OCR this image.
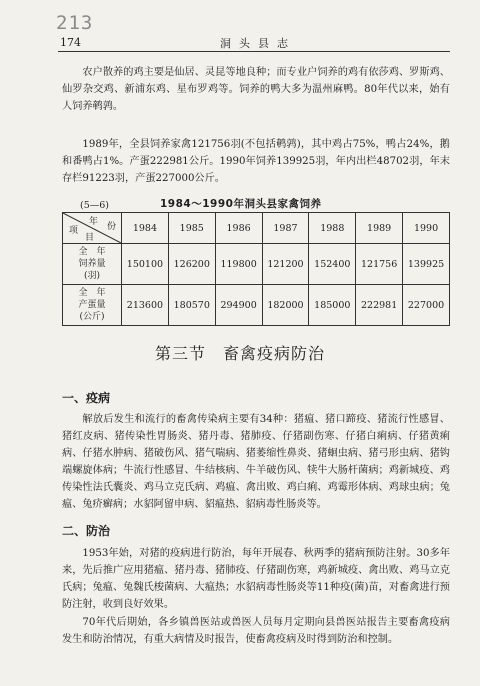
213
174	洞头县志

农户散养的鸡主要是仙居、灵昆等地良种；而专业户饲养的鸡有依莎鸡、罗斯鸡、仙罗杂交鸡、新浦东鸡、星布罗鸡等。饲养的鸭大多为温州麻鸭。80年代以来，始有人饲养鹌鹑。

1989年，全县饲养家禽121756羽(不包括鹌鹑)，其中鸡占75%，鸭占24%，鹅和番鸭占1%。产蛋222981公斤。1990年饲养139925羽，年内出栏48702羽，年末存栏91223羽，产蛋227000公斤。

(5—6)	1984～1990年洞头县家禽饲养
年 份
项
目	1984	1985	1986	1987	1988	1989	1990

全　年
饲养量
(羽)	150100	126200	119800	121200	152400	121756	139925

全　年
产蛋量
(公斤)	213600	180570	294900	182000	185000	222981	227000
第三节　畜禽疫病防治
一、疫病

解放后发生和流行的畜禽传染病主要有34种：猪瘟、猪口蹄疫、猪流行性感冒、猪红皮病、猪传染性胃肠炎、猪丹毒、猪肺疫、仔猪副伤寒、仔猪白痢病、仔猪黄痢病、仔猪水肿病、猪破伤风、猪气喘病、猪萎缩性鼻炎、猪蛔虫病、猪弓形虫病、猪钩端螺旋体病；牛流行性感冒、牛结核病、牛羊破伤风、犊牛大肠杆菌病；鸡新城疫、鸡传染性法氏囊炎、鸡马立克氏病、鸡瘟、禽出败、鸡白痢、鸡霉形体病、鸡球虫病；兔瘟、兔疥癣病；水貂阿留申病、貂瘟热、貂病毒性肠炎等。

二、防治

1953年始，对猪的疫病进行防治，每年开展春、秋两季的猪病预防注射。30多年来，先后推广应用猪瘟、猪丹毒、猪肺疫、仔猪副伤寒，鸡新城疫、禽出败、鸡马立克氏病；兔瘟、兔魏氏梭菌病、大瘟热；水貂病毒性肠炎等11种疫(菌)苗，对畜禽进行预防注射，收到良好效果。

70年代后期始，各乡镇兽医站或兽医人员每月定期向县兽医站报告主要畜禽疫病发生和防治情况，有重大病情及时报告，使畜禽疫病及时得到防治和控制。
